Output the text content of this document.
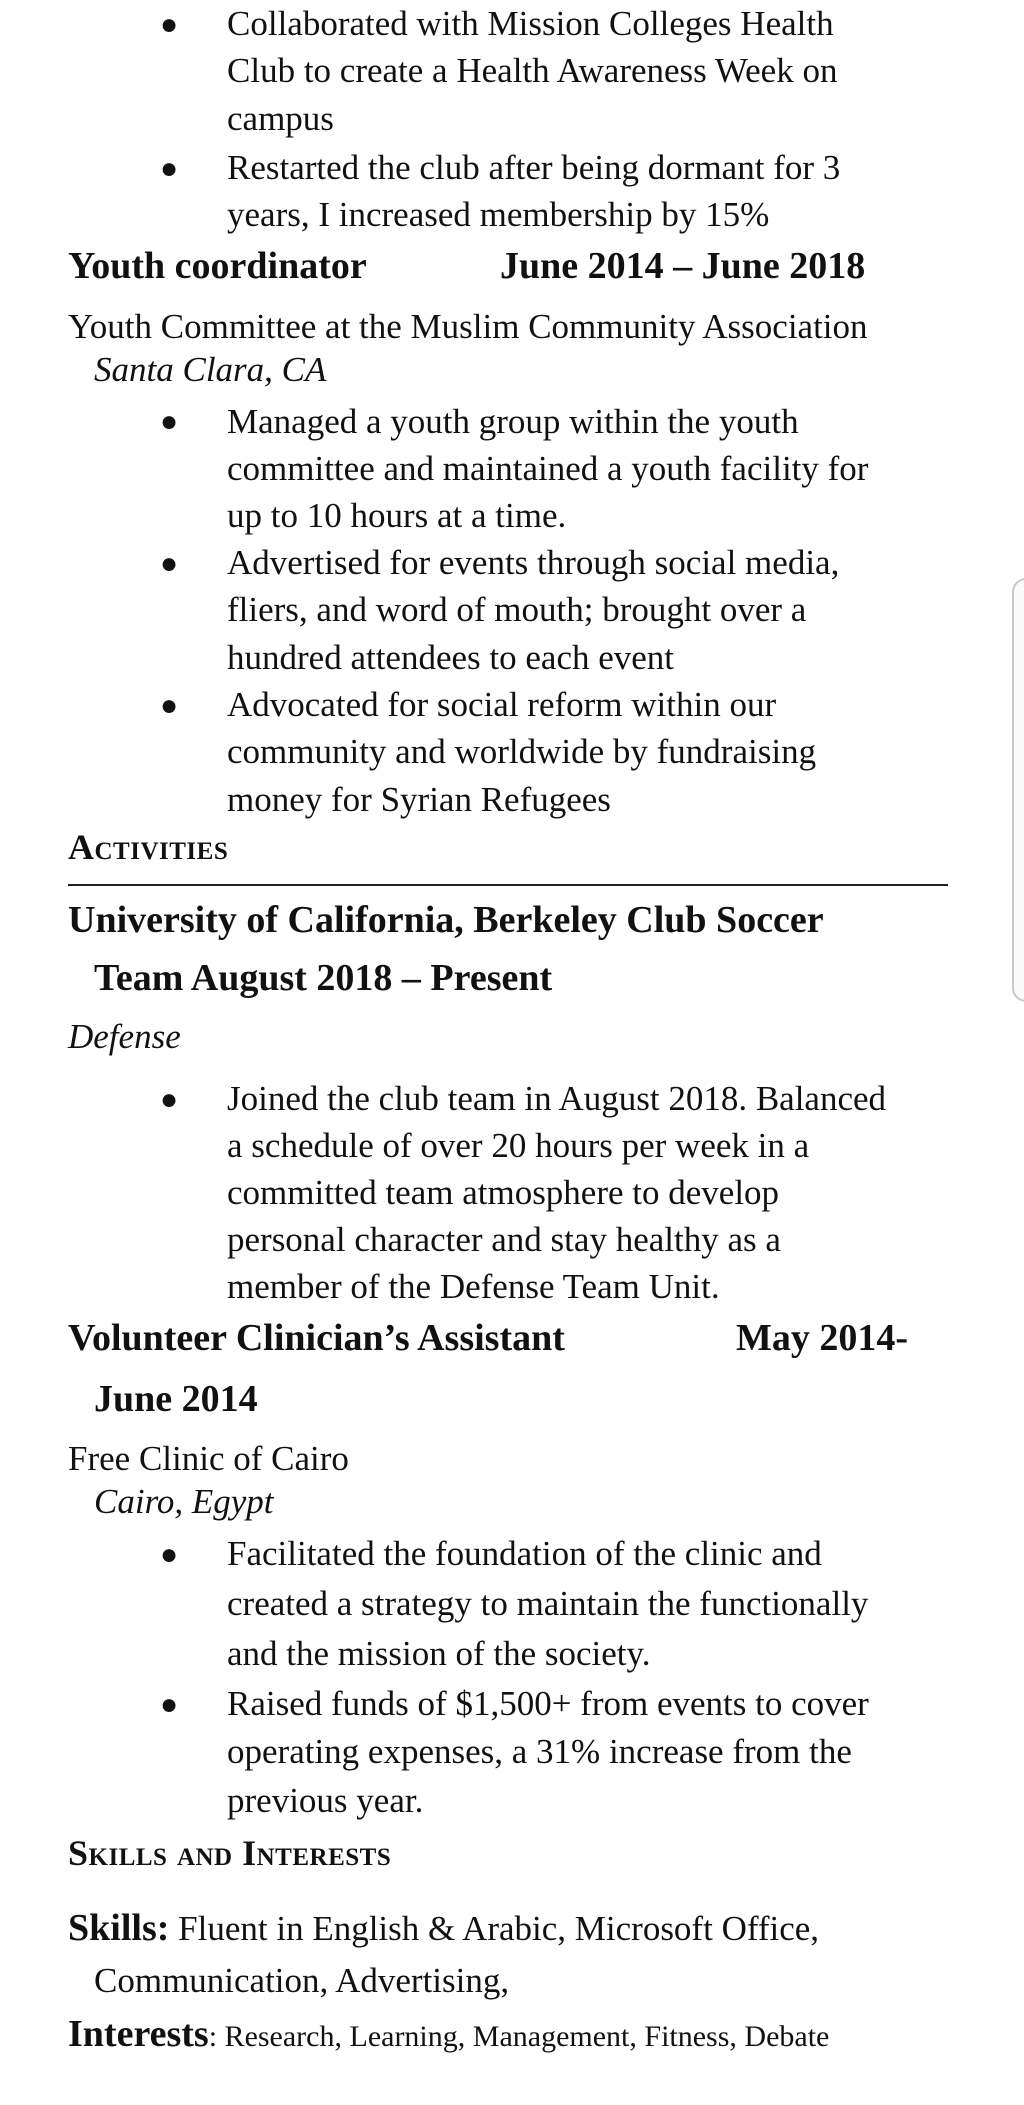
● Collaborated with Mission Colleges Health
Club to create a Health Awareness Week on
campus
● Restarted the club after being dormant for 3
years, I increased membership by 15%
Youth coordinator	June 2014 – June 2018
Youth Committee at the Muslim Community Association
Santa Clara, CA
● Managed a youth group within the youth
committee and maintained a youth facility for
up to 10 hours at a time.
● Advertised for events through social media,
fliers, and word of mouth; brought over a
hundred attendees to each event
● Advocated for social reform within our
community and worldwide by fundraising
money for Syrian Refugees
Activities
University of California, Berkeley Club Soccer
Team August 2018 – Present
Defense
● Joined the club team in August 2018. Balanced
a schedule of over 20 hours per week in a
committed team atmosphere to develop
personal character and stay healthy as a
member of the Defense Team Unit.
Volunteer Clinician’s Assistant	May 2014-
June 2014
Free Clinic of Cairo
Cairo, Egypt
● Facilitated the foundation of the clinic and
created a strategy to maintain the functionally
and the mission of the society.
● Raised funds of $1,500+ from events to cover
operating expenses, a 31% increase from the
previous year.
Skills and Interests
Skills: Fluent in English & Arabic, Microsoft Office,
Communication, Advertising,
Interests: Research, Learning, Management, Fitness, Debate
